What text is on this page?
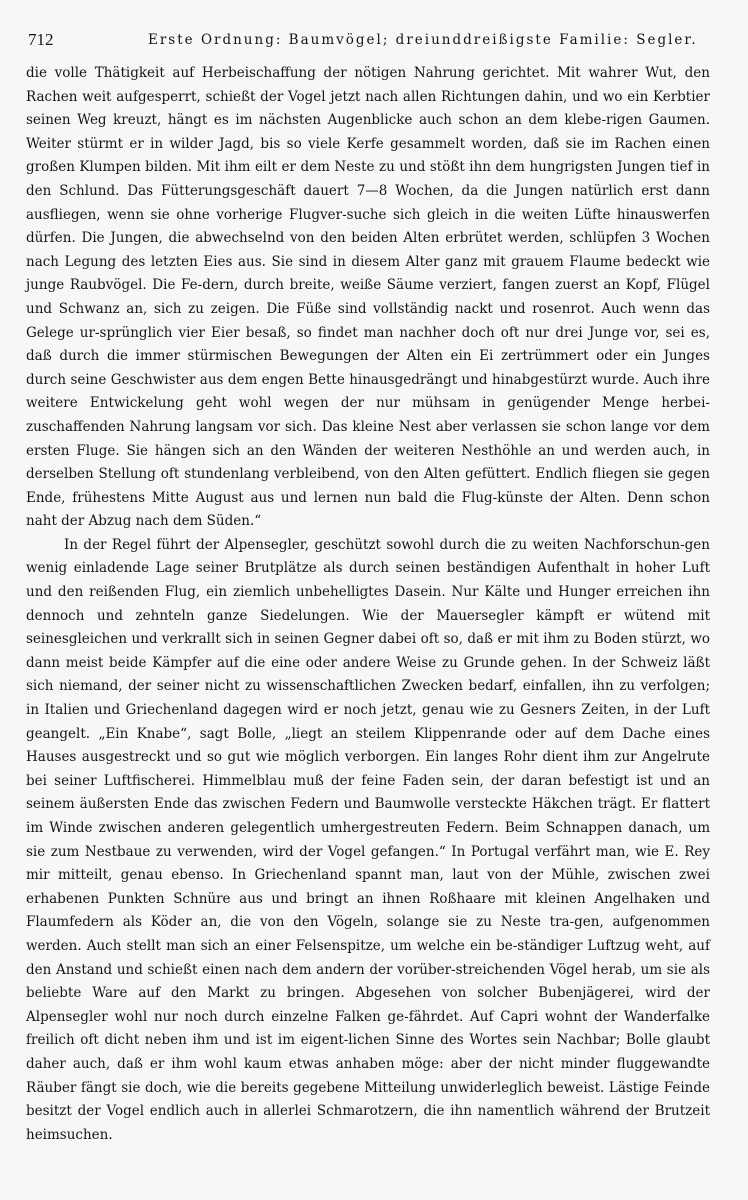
712	Erste Ordnung: Baumvögel; dreiunddreißigste Familie: Segler.

die volle Thätigkeit auf Herbeischaffung der nötigen Nahrung gerichtet. Mit wahrer Wut, den Rachen weit aufgesperrt, schießt der Vogel jetzt nach allen Richtungen dahin, und wo ein Kerbtier seinen Weg kreuzt, hängt es im nächsten Augenblicke auch schon an dem klebe-rigen Gaumen. Weiter stürmt er in wilder Jagd, bis so viele Kerfe gesammelt worden, daß sie im Rachen einen großen Klumpen bilden. Mit ihm eilt er dem Neste zu und stößt ihn dem hungrigsten Jungen tief in den Schlund. Das Fütterungsgeschäft dauert 7—8 Wochen, da die Jungen natürlich erst dann ausfliegen, wenn sie ohne vorherige Flugver-suche sich gleich in die weiten Lüfte hinauswerfen dürfen. Die Jungen, die abwechselnd von den beiden Alten erbrütet werden, schlüpfen 3 Wochen nach Legung des letzten Eies aus. Sie sind in diesem Alter ganz mit grauem Flaume bedeckt wie junge Raubvögel. Die Fe-dern, durch breite, weiße Säume verziert, fangen zuerst an Kopf, Flügel und Schwanz an, sich zu zeigen. Die Füße sind vollständig nackt und rosenrot. Auch wenn das Gelege ur-sprünglich vier Eier besaß, so findet man nachher doch oft nur drei Junge vor, sei es, daß durch die immer stürmischen Bewegungen der Alten ein Ei zertrümmert oder ein Junges durch seine Geschwister aus dem engen Bette hinausgedrängt und hinabgestürzt wurde. Auch ihre weitere Entwickelung geht wohl wegen der nur mühsam in genügender Menge herbei-zuschaffenden Nahrung langsam vor sich. Das kleine Nest aber verlassen sie schon lange vor dem ersten Fluge. Sie hängen sich an den Wänden der weiteren Nesthöhle an und werden auch, in derselben Stellung oft stundenlang verbleibend, von den Alten gefüttert. Endlich fliegen sie gegen Ende, frühestens Mitte August aus und lernen nun bald die Flug-künste der Alten. Denn schon naht der Abzug nach dem Süden.“

In der Regel führt der Alpensegler, geschützt sowohl durch die zu weiten Nachforschun-gen wenig einladende Lage seiner Brutplätze als durch seinen beständigen Aufenthalt in hoher Luft und den reißenden Flug, ein ziemlich unbehelligtes Dasein. Nur Kälte und Hunger erreichen ihn dennoch und zehnteln ganze Siedelungen. Wie der Mauersegler kämpft er wütend mit seinesgleichen und verkrallt sich in seinen Gegner dabei oft so, daß er mit ihm zu Boden stürzt, wo dann meist beide Kämpfer auf die eine oder andere Weise zu Grunde gehen. In der Schweiz läßt sich niemand, der seiner nicht zu wissenschaftlichen Zwecken bedarf, einfallen, ihn zu verfolgen; in Italien und Griechenland dagegen wird er noch jetzt, genau wie zu Gesners Zeiten, in der Luft geangelt. „Ein Knabe“, sagt Bolle, „liegt an steilem Klippenrande oder auf dem Dache eines Hauses ausgestreckt und so gut wie möglich verborgen. Ein langes Rohr dient ihm zur Angelrute bei seiner Luftfischerei. Himmelblau muß der feine Faden sein, der daran befestigt ist und an seinem äußersten Ende das zwischen Federn und Baumwolle versteckte Häkchen trägt. Er flattert im Winde zwischen anderen gelegentlich umhergestreuten Federn. Beim Schnappen danach, um sie zum Nestbaue zu verwenden, wird der Vogel gefangen.“ In Portugal verfährt man, wie E. Rey mir mitteilt, genau ebenso. In Griechenland spannt man, laut von der Mühle, zwischen zwei erhabenen Punkten Schnüre aus und bringt an ihnen Roßhaare mit kleinen Angelhaken und Flaumfedern als Köder an, die von den Vögeln, solange sie zu Neste tra-gen, aufgenommen werden. Auch stellt man sich an einer Felsenspitze, um welche ein be-ständiger Luftzug weht, auf den Anstand und schießt einen nach dem andern der vorüber-streichenden Vögel herab, um sie als beliebte Ware auf den Markt zu bringen. Abgesehen von solcher Bubenjägerei, wird der Alpensegler wohl nur noch durch einzelne Falken ge-fährdet. Auf Capri wohnt der Wanderfalke freilich oft dicht neben ihm und ist im eigent-lichen Sinne des Wortes sein Nachbar; Bolle glaubt daher auch, daß er ihm wohl kaum etwas anhaben möge: aber der nicht minder fluggewandte Räuber fängt sie doch, wie die bereits gegebene Mitteilung unwiderleglich beweist. Lästige Feinde besitzt der Vogel endlich auch in allerlei Schmarotzern, die ihn namentlich während der Brutzeit heimsuchen.
